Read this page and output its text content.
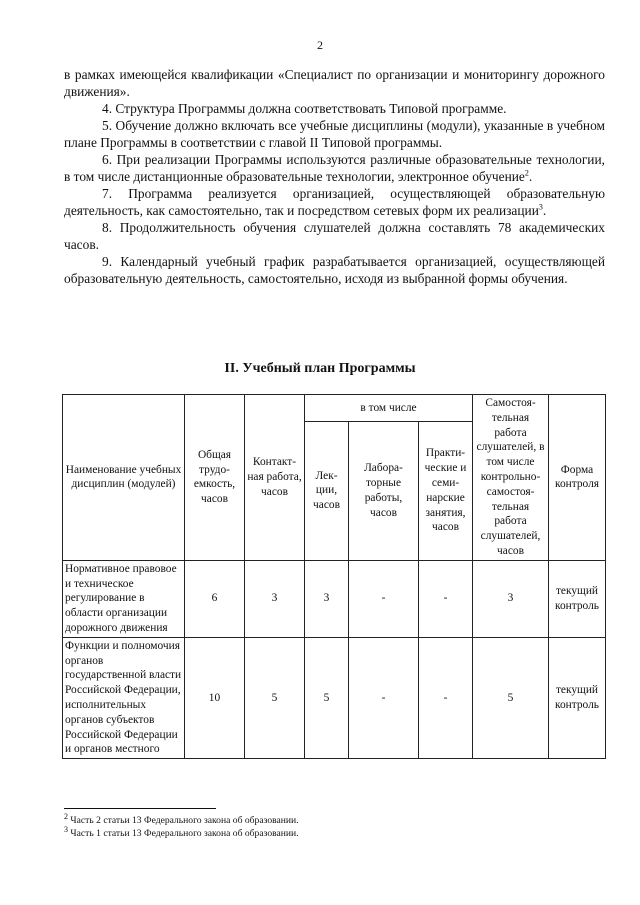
2

в рамках имеющейся квалификации «Специалист по организации и мониторингу дорожного движения».

4. Структура Программы должна соответствовать Типовой программе.

5. Обучение должно включать все учебные дисциплины (модули), указанные в учебном плане Программы в соответствии с главой II Типовой программы.

6. При реализации Программы используются различные образовательные технологии, в том числе дистанционные образовательные технологии, электронное обучение$^2$.

7. Программа реализуется организацией, осуществляющей образовательную деятельность, как самостоятельно, так и посредством сетевых форм их реализации$^3$.

8. Продолжительность обучения слушателей должна составлять 78 академических часов.

9. Календарный учебный график разрабатывается организацией, осуществляющей образовательную деятельность, самостоятельно, исходя из выбранной формы обучения.

II. Учебный план Программы
Наименование учебных дисциплин (модулей)	Общая трудо-емкость, часов	Контакт-ная работа, часов	в том числе			Самостоя-тельная работа слушателей, в том числе контрольно-самостоя-тельная работа слушателей, часов	Форма контроля
			Лек-ции, часов	Лабора-торные работы, часов	Практи-ческие и семи-нарские занятия, часов		
Нормативное правовое и техническое регулирование в области организации дорожного движения	6	3	3	-	-	3	текущий контроль
Функции и полномочия органов государственной власти Российской Федерации, исполнительных органов субъектов Российской Федерации и органов местного	10	5	5	-	-	5	текущий контроль
$^2$ Часть 2 статьи 13 Федерального закона об образовании.
$^3$ Часть 1 статьи 13 Федерального закона об образовании.
